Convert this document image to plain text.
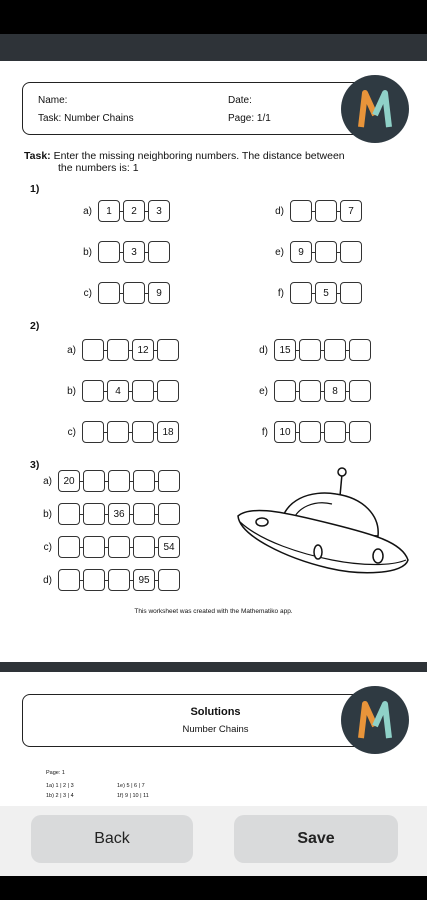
Name:	Date:
Task: Number Chains	Page: 1/1
Task: Enter the missing neighboring numbers. The distance between
the numbers is: 1
1)
a)	1	2	3	d)	7
b)	3	e)	9
c)	9	f)	5
2)
a)	12	d)	15
b)	4	e)	8
c)	18	f)	10
3)
a)	20
b)	36
c)	54
d)	95
This worksheet was created with the Mathematiko app.
Solutions
Number Chains
Page: 1
1a) 1 | 2 | 3	1e) 5 | 6 | 7
1b) 2 | 3 | 4	1f) 9 | 10 | 11
Back	Save
